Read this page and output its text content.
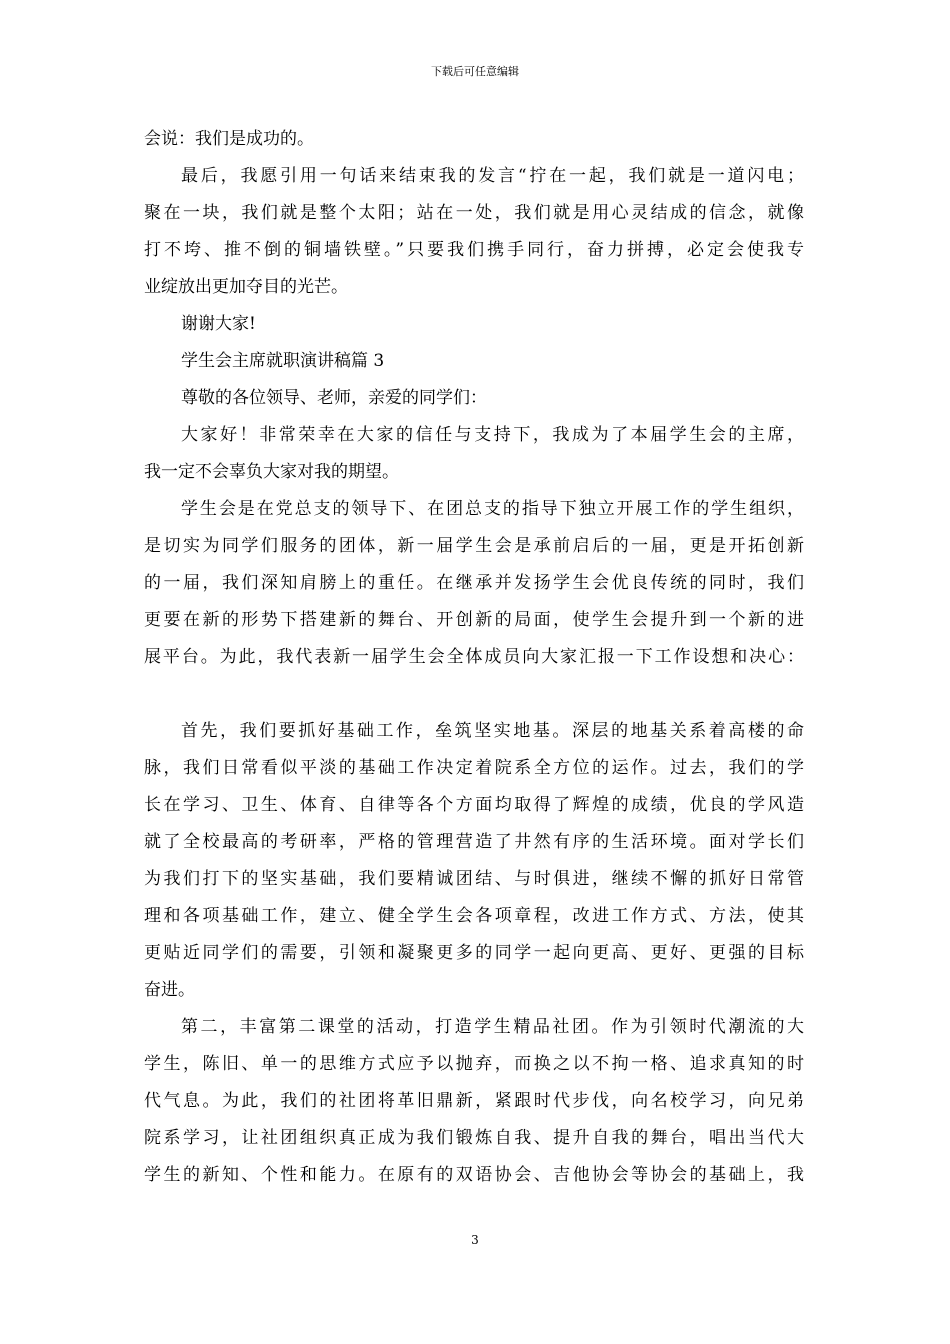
下载后可任意编辑
会说：我们是成功的。
最后，我愿引用一句话来结束我的发言“拧在一起，我们就是一道闪电；
聚在一块，我们就是整个太阳；站在一处，我们就是用心灵结成的信念，就像
打不垮、推不倒的铜墙铁壁。”只要我们携手同行，奋力拼搏，必定会使我专
业绽放出更加夺目的光芒。
谢谢大家!
学生会主席就职演讲稿篇 3
尊敬的各位领导、老师，亲爱的同学们：
大家好！非常荣幸在大家的信任与支持下，我成为了本届学生会的主席，
我一定不会辜负大家对我的期望。
学生会是在党总支的领导下、在团总支的指导下独立开展工作的学生组织，
是切实为同学们服务的团体，新一届学生会是承前启后的一届，更是开拓创新
的一届，我们深知肩膀上的重任。在继承并发扬学生会优良传统的同时，我们
更要在新的形势下搭建新的舞台、开创新的局面，使学生会提升到一个新的进
展平台。为此，我代表新一届学生会全体成员向大家汇报一下工作设想和决心：
首先，我们要抓好基础工作，垒筑坚实地基。深层的地基关系着高楼的命
脉，我们日常看似平淡的基础工作决定着院系全方位的运作。过去，我们的学
长在学习、卫生、体育、自律等各个方面均取得了辉煌的成绩，优良的学风造
就了全校最高的考研率，严格的管理营造了井然有序的生活环境。面对学长们
为我们打下的坚实基础，我们要精诚团结、与时俱进，继续不懈的抓好日常管
理和各项基础工作，建立、健全学生会各项章程，改进工作方式、方法，使其
更贴近同学们的需要，引领和凝聚更多的同学一起向更高、更好、更强的目标
奋进。
第二，丰富第二课堂的活动，打造学生精品社团。作为引领时代潮流的大
学生，陈旧、单一的思维方式应予以抛弃，而换之以不拘一格、追求真知的时
代气息。为此，我们的社团将革旧鼎新，紧跟时代步伐，向名校学习，向兄弟
院系学习，让社团组织真正成为我们锻炼自我、提升自我的舞台，唱出当代大
学生的新知、个性和能力。在原有的双语协会、吉他协会等协会的基础上，我
3
